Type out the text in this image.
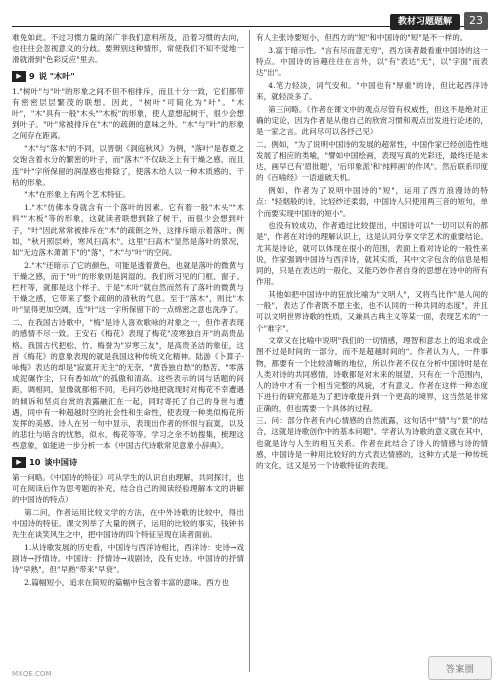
教材习题题解	23

难免如此。不过习惯力量的深广非我们意料所及，沿着习惯的去向，也往往会忽视意义的分歧。要辨别这种情形，常使我们不知不觉地一滑就滑到"色彩反应"里去。

▶ 9 说 "木叶"

1."树叶"与"叶"的形象之间不但不相排斥，而且十分一致，它们都带有密密层层繁茂的联想。因此，"树叶"可简化为"叶"。"木叶"，"木"具有一般"木头""木板"的形象，使人意想起树干，很少会想到叶子。"叶"常被排斥在"木"的疏朗的意味之外。"木"与"叶"的形象之间存在距离。

"木"与"落木"的不同，以晋朝《洞庭秋风》为例，"落叶"是春夏之交饱含着水分的繁密的叶子，而"落木"不仅缺乏上有干燥之感，而且连"叶"字所保留的润湿感也排除了，使落木给人以一种木质感的、干枯的形象。

"木"在形象上有两个艺术特征。

1."木"仿佛本身就含有一个落叶的因素。它有着一般"木头""木料""木板"等的形象，这就读者联想到除了树干，而很少会想到叶子，"叶"因此常常被排斥在"木"的疏朗之外，这排斥暗示着落叶。例如，"秋月照层岭，寒风扫高木"。这里"扫高木"显然是落叶的景况，如"无边落木萧萧下"的"落"，"木"与"叶"的空间。

2."木"还暗示了它的颜色，可能是透着黄色，也就是落叶的微黄与干燥之感，而于"叶"的形象则是润湿的。我们所习见的门框、窗子、栏杆等，就都是这个样子。于是"木叶"就自然而然有了落叶的微黄与干燥之感，它带来了整个疏朗的清秋的气息。至于"落木"，则比"木叶"显得更加空阔，连"叶"这一字所保留下的一点绵密之意也洗净了。

二、在我国古诗歌中，"梅"是诗人喜欢歌咏的对象之一，但作者表现的感情不尽一致。王安石《梅花》表现了梅花"凌寒独自开"的高贵品格。我国古代把松、竹、梅誉为"岁寒三友"，是高贵圣洁的象征，这首《梅花》的意象表现的就是我国这种传统文化精神。陆游《卜算子·咏梅》表达的却是"寂寞开无主"的无奈，"黄昏独自愁"的愁苦。"零落成泥碾作尘，只有香如故"的孤傲和清高。这些表示的词与话题的间距，调相同，显像就都相不同，毛问巧妙地把就现时对梅花不幸遭遇的倾诉和坚贞自赏的表露融汇在一起，同时寄托了自己的身世与遭遇，同中有一种超越时空的社会性和生命性，使表现一种类似梅花所发挥的美感。诗人在另一句中显示，表现出作者的怀恨与寂寞，以及的悲壮与暗含的忧愁，似水，梅花等等。学习之余不妨搜集，梳理这些意象，如能进一步分析一本《中国古代诗歌常见意象小辞典》。

▶ 10 谈中国诗

第一问略。《中国诗的特征》可从学生的认识自由理解，共同探讨，也可在阅读后作为思考题的补充。结合自己的阅读经验理解本文的讲解的中国诗的特点）

第二问，作者运用比较文学的方法，在中外诗歌的比较中，得出中国诗的特征。课文列举了大量的例子，运用的比较的事实，钱钟书先生在谈笑风生之中，把中国诗的四个特征呈现在读者面前。

1.从诗歌发展的历史看，中国诗与西洋诗相比，西洋诗：史诗→戏剧诗→抒情诗。中国诗：抒情诗→戏剧诗，没有史诗。中国诗的抒情诗"早熟"，但"早熟"带来"早衰"。

2.篇幅短小，追求在简短的篇幅中包含着丰富的意味。西方也

有人主张诗要短小，但西方的"短"和中国诗的"短"是不一样的。

3.富于暗示性。"言有尽而意无穷"，西方读者最看重中国诗的这一特点。中国诗的旨趣往往在言外，以"有"表达"无"，以"字面"而表达"出"。

4.笔力轻淡，词气安和。"中国也有"厚重"的诗，但比起西洋诗来，就轻淡多了。

第三问略。《作者在课文中的观点尽管有权威性，但这不是绝对正确的定论，因为作者是从他自己的欣赏习惯和观点出发进行论述的，是一家之言。此问尽可以各抒己见）

二、例如，"为了说明中国诗的发展的超常性，中国作家已经创造性地发展了相应的类喻，"譬如中国绘画，表现写真的光彩还，最终还是未达，画早已有'眉批题'，'后印象派'和'纯粹画'的作风"。然后联系印度的《百喻经》一语道破天机。

例如，作者为了说明中国诗的"短"，运用了西方浪漫诗的特点："轻烟般的诗，比轻纱还柔弱，中国诗人只使用两三音的短句，单个而要实现中国诗的短小"。

也没有较成功，作者通过比较提出，中国诗可以"一切可以有的都是"，作者在对诗的理解认识上，这是认同分享文学艺术的重要结论。尤其是诗论，就可以体现在很小的范围，表面上看对诗论的一般性来说，作家强调中国诗与西洋诗，就其实质，其中文字包含的信息是相同的，只是在表达的一般化，又能巧妙作者自身的思想在诗中的所有作用。

其他如把中国诗中的狂放比喻为"文明人"，又将鸟比作"是人间的一般"，表达了作者既不愿主张，也不认同的一种共同的态度"，并且可以文明世界诗歌的性质，又兼具古典主义等某一面，表现艺术的"一个"难字"。

文章又在比喻中说明"我们的一切情感，理智和意志上的追求或企图不过是时间的一部分，而不是超越时间的"。作者认为人，一件事物，都要有一个比较清晰的地位，所以作者不仅在分析中国诗时是在人类对诗的共同感情，诗歌都是对未来的展望，只有在一个范围内，人的诗中才有一个相当完整的风貌，才有意义。作者在这样一种态度下进行的研究都是为了把诗歌提升到一个更高的境界，这当然是非常正确的，但也需要一个具体的过程。

三、问：部分作者有内心情感的自然流露，这句话中"情"与"景"的结合，这就是诗歌创作中的基本问题"。学者认为诗歌的意义就在其中，也就是诗与人生的相互关系。作者在此结合了诗人的情感与诗的情感，中国诗是一种用比较好的方式表达情感的，这种方式是一种传统的文化，这又是另一个诗歌特征的表现。

MXQE.COM	答案圈
